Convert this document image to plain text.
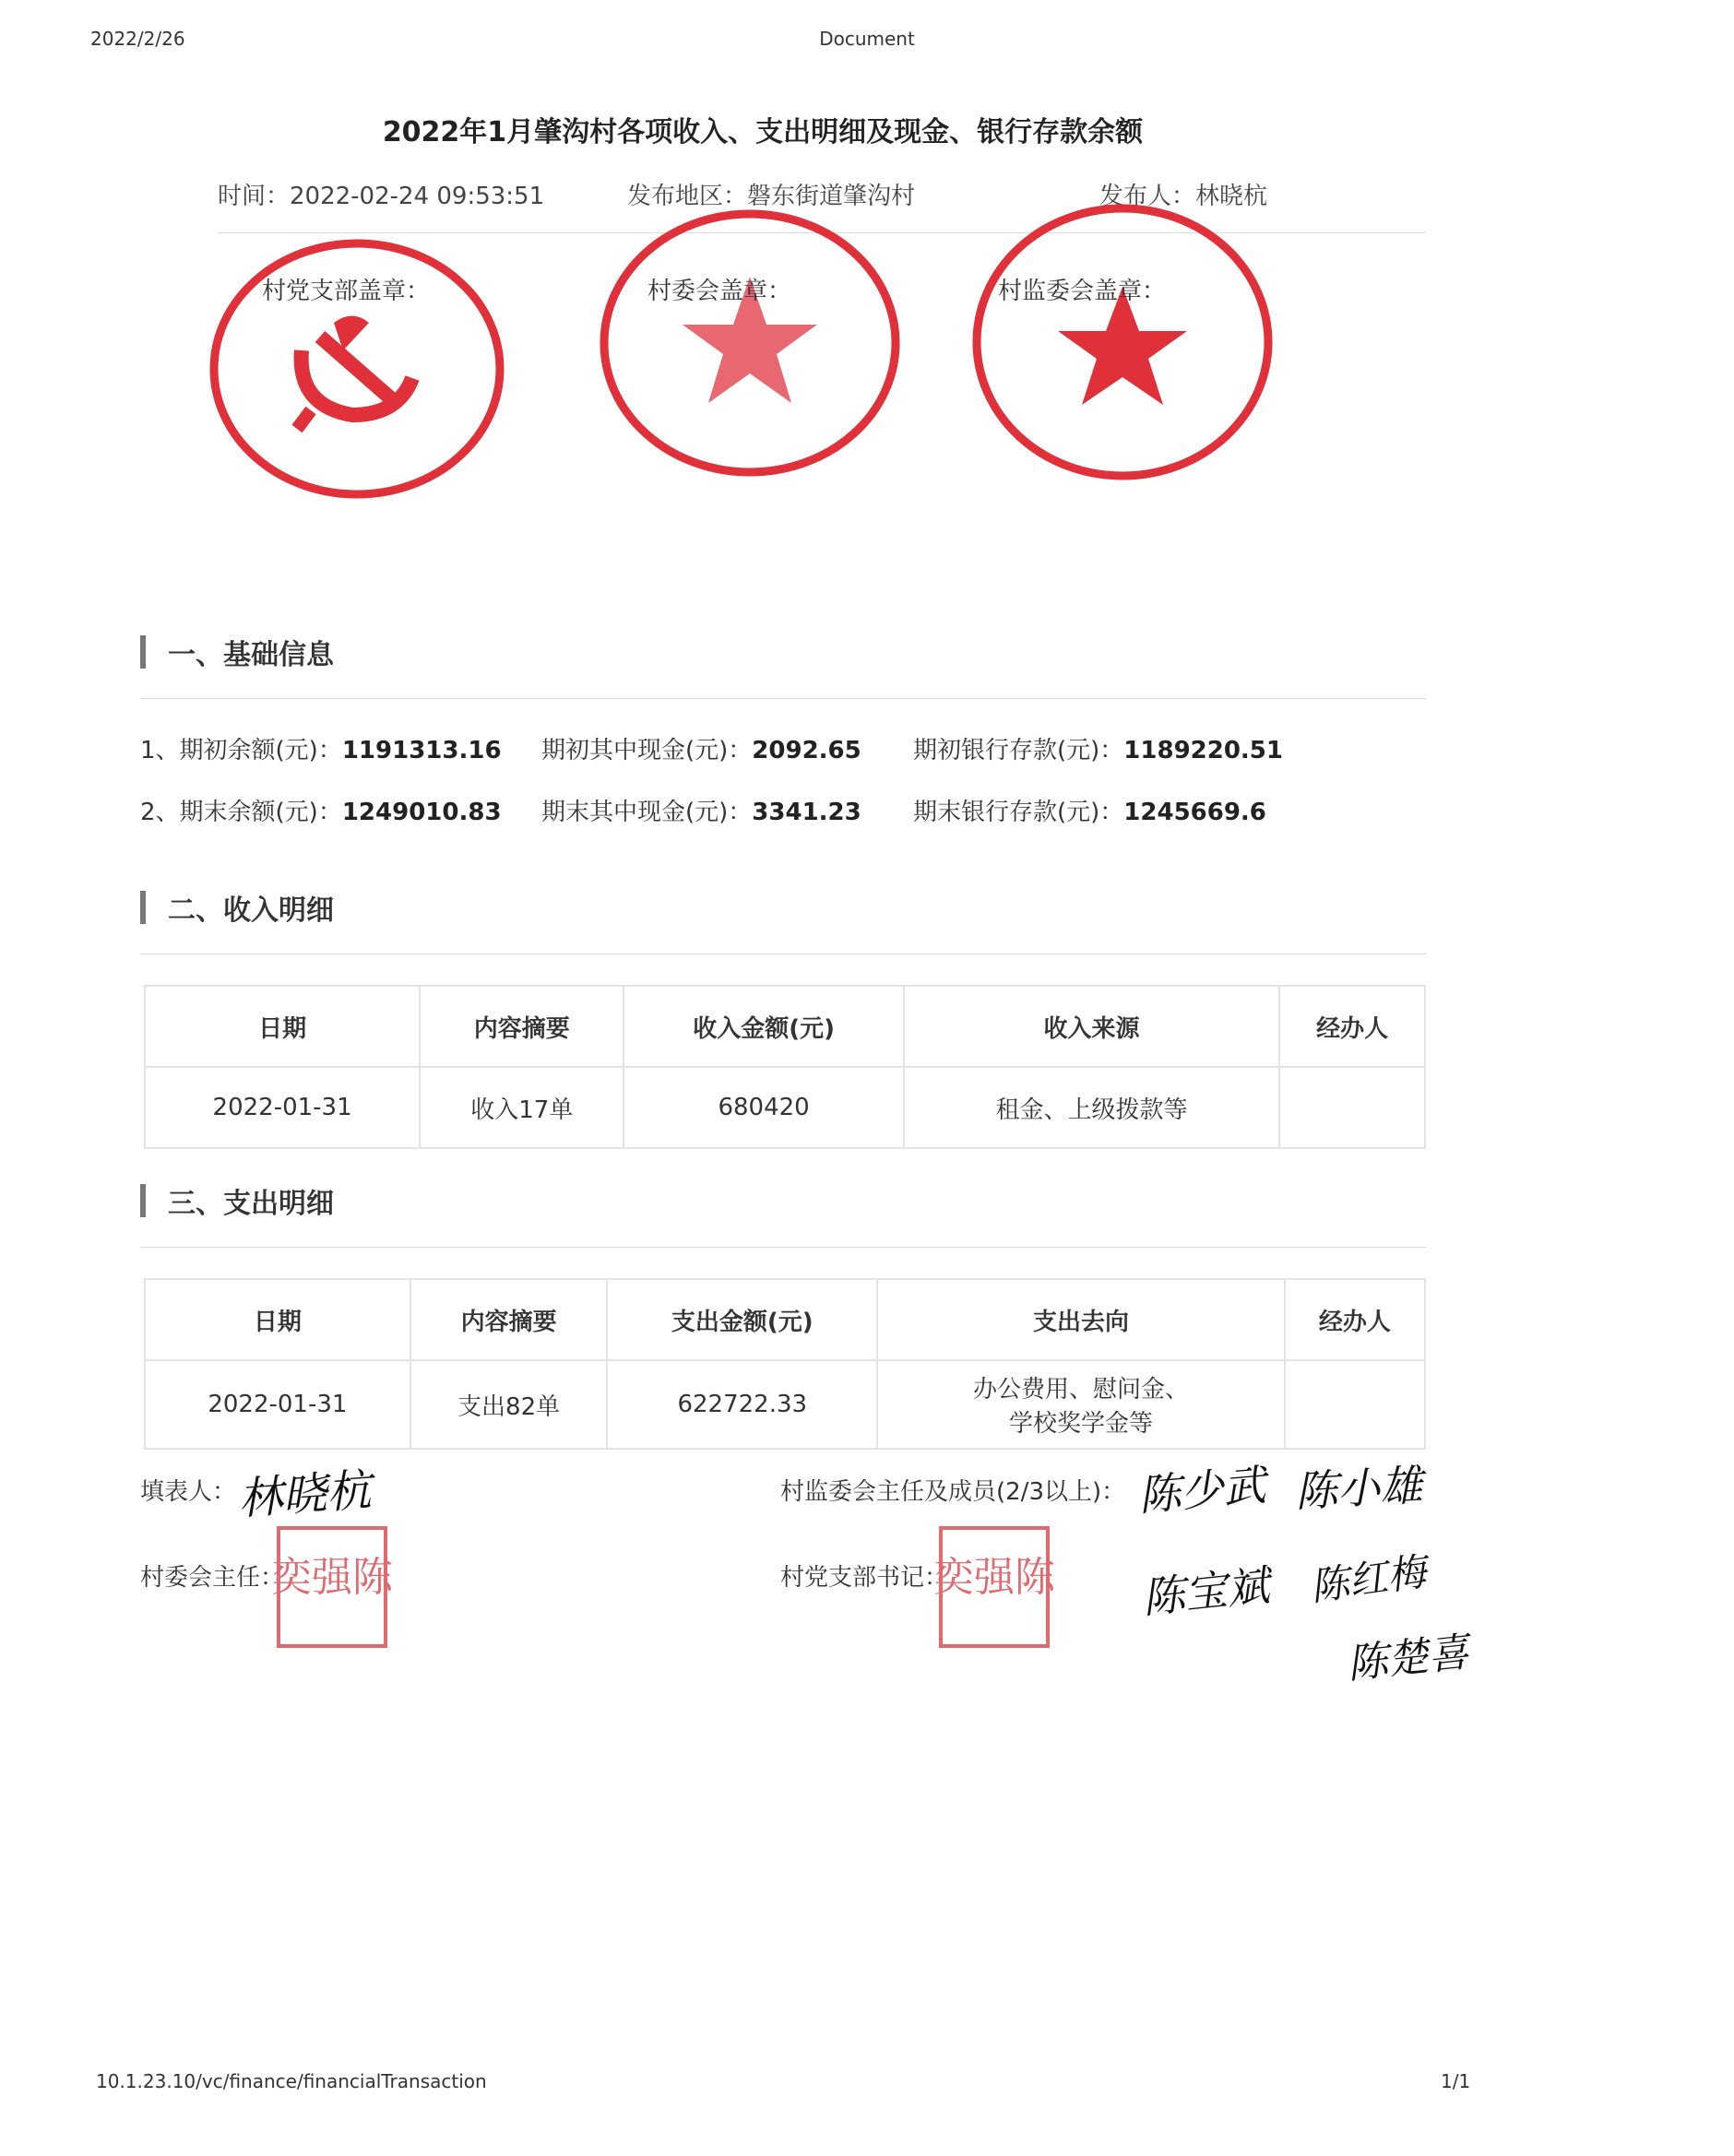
2022/2/26	Document
2022年1月肇沟村各项收入、支出明细及现金、银行存款余额
时间：2022-02-24 09:53:51	发布地区：磐东街道肇沟村	发布人：林晓杭
村党支部盖章：	村委会盖章：	村监委会盖章：
一、基础信息
1、期初余额(元)：1191313.16 期初其中现金(元)：2092.65 期初银行存款(元)：1189220.51
2、期末余额(元)：1249010.83 期末其中现金(元)：3341.23 期末银行存款(元)：1245669.6
二、收入明细
日期	内容摘要	收入金额(元)	收入来源	经办人
2022-01-31	收入17单	680420	租金、上级拨款等	
三、支出明细
日期	内容摘要	支出金额(元)	支出去向	经办人
2022-01-31	支出82单	622722.33	办公费用、慰问金、
学校奖学金等	

填表人： 林晓杭
村委会主任：
奕强陈
村监委会主任及成员(2/3以上)：
村党支部书记：
奕强陈
陈少武 陈小雄
陈宝斌 陈红梅
陈楚喜
10.1.23.10/vc/finance/financialTransaction	1/1
